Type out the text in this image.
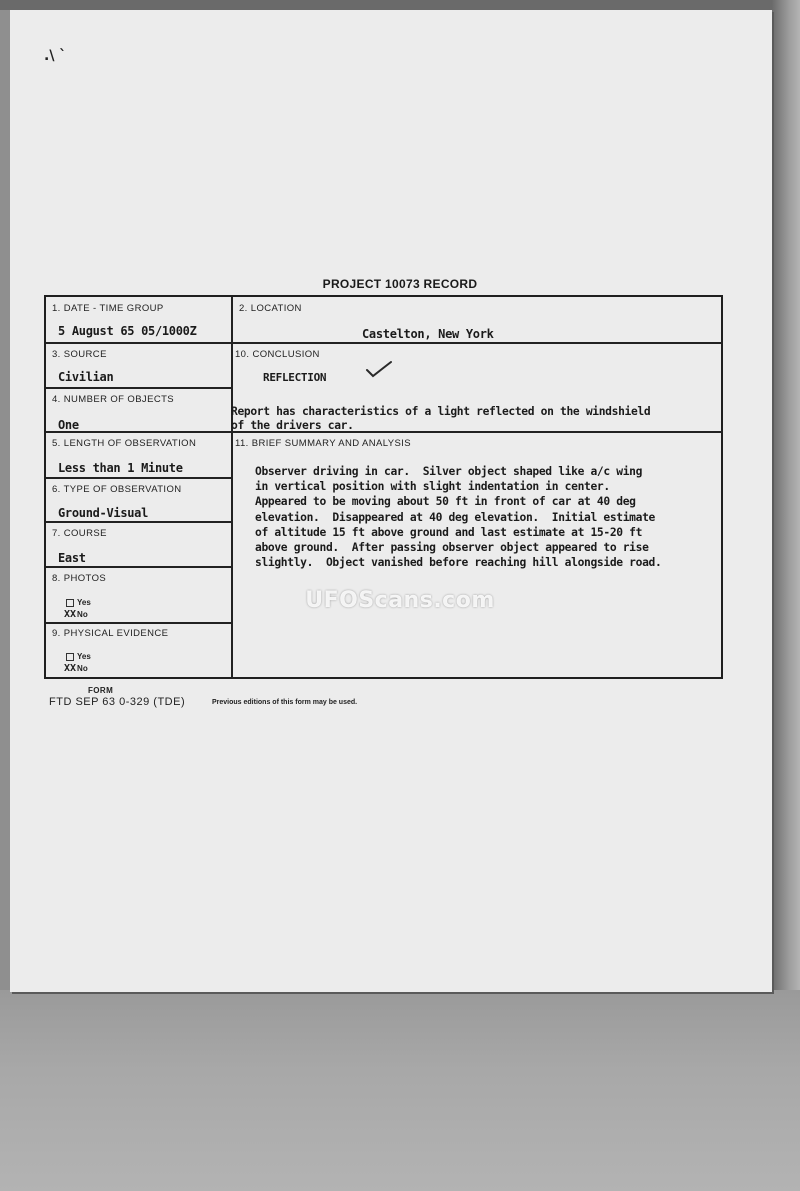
.\ `
PROJECT 10073 RECORD
1. DATE - TIME GROUP
5 August 65 05/1000Z
2. LOCATION
Castelton, New York
3. SOURCE
Civilian
10. CONCLUSION
REFLECTION
Report has characteristics of a light reflected on the windshield
of the drivers car.
4. NUMBER OF OBJECTS
One
5. LENGTH OF OBSERVATION
Less than 1 Minute
11. BRIEF SUMMARY AND ANALYSIS
Observer driving in car.  Silver object shaped like a/c wing
in vertical position with slight indentation in center.
Appeared to be moving about 50 ft in front of car at 40 deg
elevation.  Disappeared at 40 deg elevation.  Initial estimate
of altitude 15 ft above ground and last estimate at 15-20 ft
above ground.  After passing observer object appeared to rise
slightly.  Object vanished before reaching hill alongside road.
6. TYPE OF OBSERVATION
Ground-Visual
7. COURSE
East
8. PHOTOS
Yes
XXNo
9. PHYSICAL EVIDENCE
Yes
XXNo
FORM
FTD SEP 63 0-329 (TDE)	Previous editions of this form may be used.
UFOScans.com
